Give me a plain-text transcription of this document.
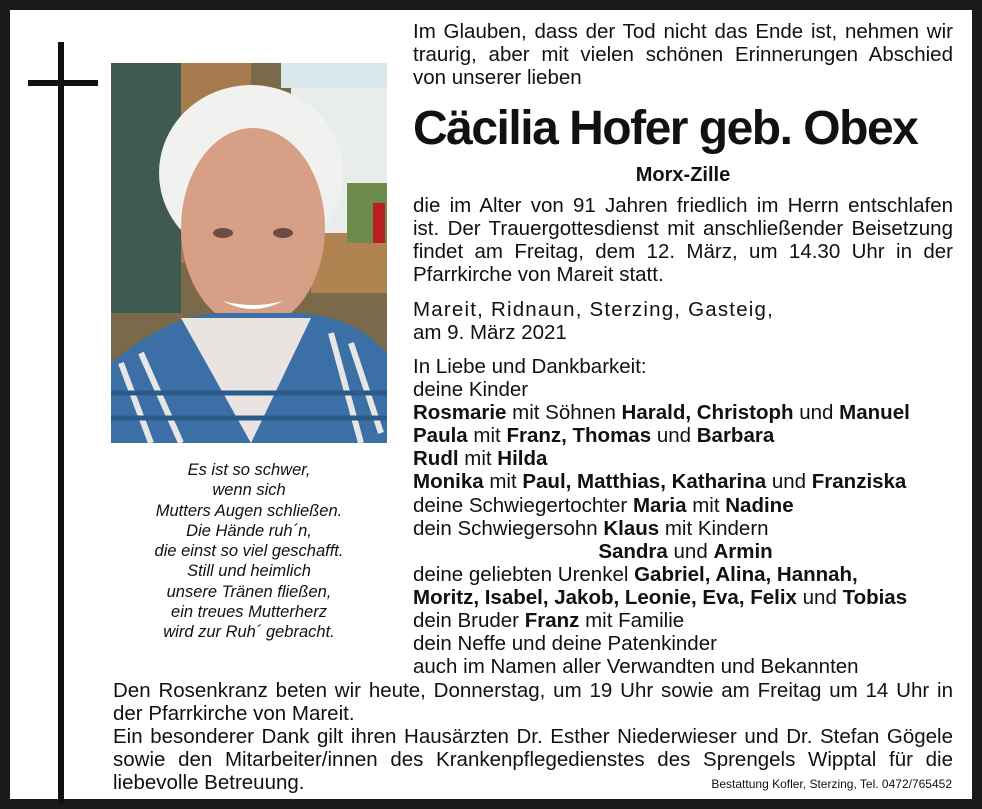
Es ist so schwer,
wenn sich
Mutters Augen schließen.
Die Hände ruh´n,
die einst so viel geschafft.
Still und heimlich
unsere Tränen fließen,
ein treues Mutterherz
wird zur Ruh´ gebracht.
Im Glauben, dass der Tod nicht das Ende ist, nehmen wir traurig, aber mit vielen schönen Erinnerungen Abschied von unserer lieben
Cäcilia Hofer geb. Obex
Morx-Zille
die im Alter von 91 Jahren friedlich im Herrn entschlafen ist. Der Trauergottesdienst mit anschließender Beisetzung findet am Freitag, dem 12. März, um 14.30 Uhr in der Pfarrkirche von Mareit statt.
Mareit, Ridnaun, Sterzing, Gasteig,
am 9. März 2021
In Liebe und Dankbarkeit:
deine Kinder
Rosmarie mit Söhnen Harald, Christoph und Manuel
Paula mit Franz, Thomas und Barbara
Rudl mit Hilda
Monika mit Paul, Matthias, Katharina und Franziska
deine Schwiegertochter Maria mit Nadine
dein Schwiegersohn Klaus mit Kindern
Sandra und Armin
deine geliebten Urenkel Gabriel, Alina, Hannah,
Moritz, Isabel, Jakob, Leonie, Eva, Felix und Tobias
dein Bruder Franz mit Familie
dein Neffe und deine Patenkinder
auch im Namen aller Verwandten und Bekannten

Den Rosenkranz beten wir heute, Donnerstag, um 19 Uhr sowie am Freitag um 14 Uhr in der Pfarrkirche von Mareit.

Ein besonderer Dank gilt ihren Hausärzten Dr. Esther Niederwieser und Dr. Stefan Gögele sowie den Mitarbeiter/innen des Krankenpflegedienstes des Sprengels Wipptal für die liebevolle Betreuung.	Bestattung Kofler, Sterzing, Tel. 0472/765452
